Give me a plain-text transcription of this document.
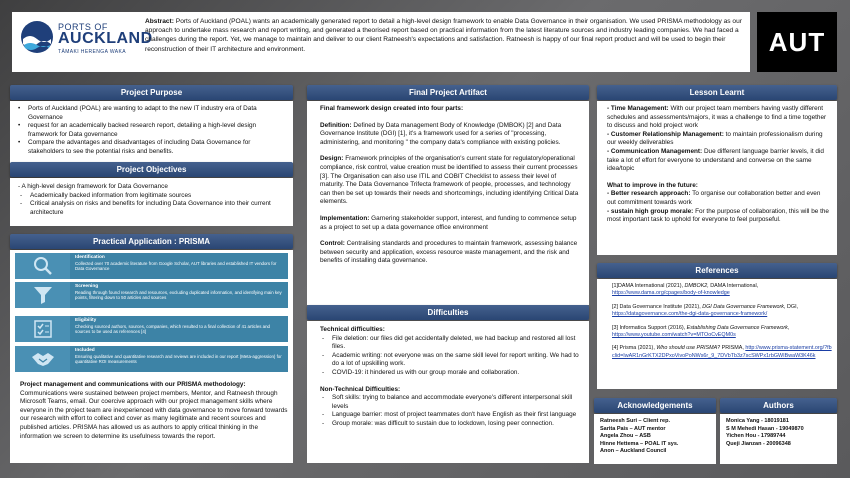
PORTS OF
AUCKLAND
TĀMAKI HERENGA WAKA
Abstract: Ports of Auckland (POAL) wants an academically generated report to detail a high-level design framework to enable Data Governance in their organisation. We used PRISMA methodology as our approach to undertake mass research and report writing, and generated a theorised report based on practical information from the latest literature sources and industry leading companies. We had faced a challenges during the report. Yet, we manage to maintain and deliver to our client Ratneesh's expectations and satisfaction. Ratneesh is happy of our final report product and will be used to begin their reconstruction of their IT architecture and environment.	AUT
Project Purpose
• Ports of Auckland (POAL) are wanting to adapt to the new IT industry era of Data Governance
• request for an academically backed research report, detailing a high-level design framework for Data governance
• Compare the advantages and disadvantages of including Data Governance for stakeholders to see the potential risks and benefits.
Project Objectives
- A high-level design framework for Data Governance
- Academically backed information from legitimate sources
- Critical analysis on risks and benefits for including Data Governance into their current architecture
Practical Application : PRISMA
Identification
Collected over 70 academic literature from Google Scholar, AUT libraries and established IT vendors for Data Governance
Screening
Reading through found research and resources, excluding duplicated information, and identifying main key points, filtering down to 50 articles and sources
Eligibility
Checking sourced authors, sources, companies, which resulted to a final collection of 41 articles and sources to be used as references [4]
Included
Ensuring qualitative and quantitative research and reviews are included in our report (Meta-aggression) for quantitative ROI measurements
Project management and communications with our PRISMA methodology: Communications were sustained between project members, Mentor, and Ratneesh through Microsoft Teams, email. Our coercive approach with our project management skills where everyone in the project team are inexperienced with data governance to move forward towards our research with effort to collect and cover as many legitimate and recent sources and published articles. PRISMA has allowed us as authors to apply critical thinking in the information we screen to determine its usefulness towards the report.
Final Project Artifact
Final framework design created into four parts:
Definition: Defined by Data management Body of Knowledge (DMBOK) [2] and Data Governance Institute (DGI) [1], it's a framework used for a series of "processing, administering, and monitoring " the company data's compliance with existing policies.
Design: Framework principles of the organisation's current state for regulatory/operational compliance, risk control, value creation must be identified to assess their current processes [3]. The Organisation can also use ITIL and COBIT Checklist to assess their level of maturity. The Data Governance Trifecta framework of people, processes, and technology can then be set up towards their needs and shortcomings, including identifying Critical Data elements.
Implementation: Garnering stakeholder support, interest, and funding to commence setup as a project to set up a data governance office environment
Control: Centralising standards and procedures to maintain framework, assessing balance between security and application, excess resource waste management, and the risk and benefits of installing data governance.
Difficulties
Technical difficulties:
- File deletion: our files did get accidentally deleted, we had backup and restored all lost files.
- Academic writing: not everyone was on the same skill level for report writing. We had to do a lot of upskilling work.
- COVID-19: it hindered us with our group morale and collaboration.
Non-Technical Difficulties:
- Soft skills: trying to balance and accommodate everyone's different interpersonal skill levels
- Language barrier: most of project teammates don't have English as their first language
- Group morale: was difficult to sustain due to lockdown, losing peer connection.
Lesson Learnt
- Time Management: With our project team members having vastly different schedules and assessments/majors, it was a challenge to find a time together to discuss and hold project work
- Customer Relationship Management: to maintain professionalism during our weekly deliverables
- Communication Management: Due different language barrier levels, it did take a lot of effort for everyone to understand and converse on the same idea/topic
What to improve in the future:
- Better research approach: To organise our collaboration better and even out commitment towards work
- sustain high group morale: For the purpose of collaboration, this will be the most important task to uphold for everyone to feel purposeful.
References
[1]DAMA International (2021), DMBOK2, DAMA International, https://www.dama.org/cpages/body-of-knowledge
[2] Data Governance Institute (2021), DGI Data Governance Framework, DGI, https://datagovernance.com/the-dgi-data-governance-framework/
[3] Informatica Support (2016), Establishing Data Governance Framework, https://www.youtube.com/watch?v=MTOoCvEQM0s
[4] Prisma (2021), Who should use PRISMA? PRISMA, http://www.prisma-statement.org/?fbclid=IwAR1nGrKTX2DPxoVivoPoNWs6r_9_7DVbTb3z7scSWPx1rbGWIBwaW3K46k
Acknowledgements
Ratneesh Suri – Client rep.
Sarita Pais – AUT mentor
Angela Zhou – ASB
Hinne Hettema – POAL IT sys.
Anon – Auckland Council
Authors
Monica Yang - 18019181
S M Mehedi Hasan - 19049870
Yichen Hou - 17989744
Queji Jianzan - 20096348
